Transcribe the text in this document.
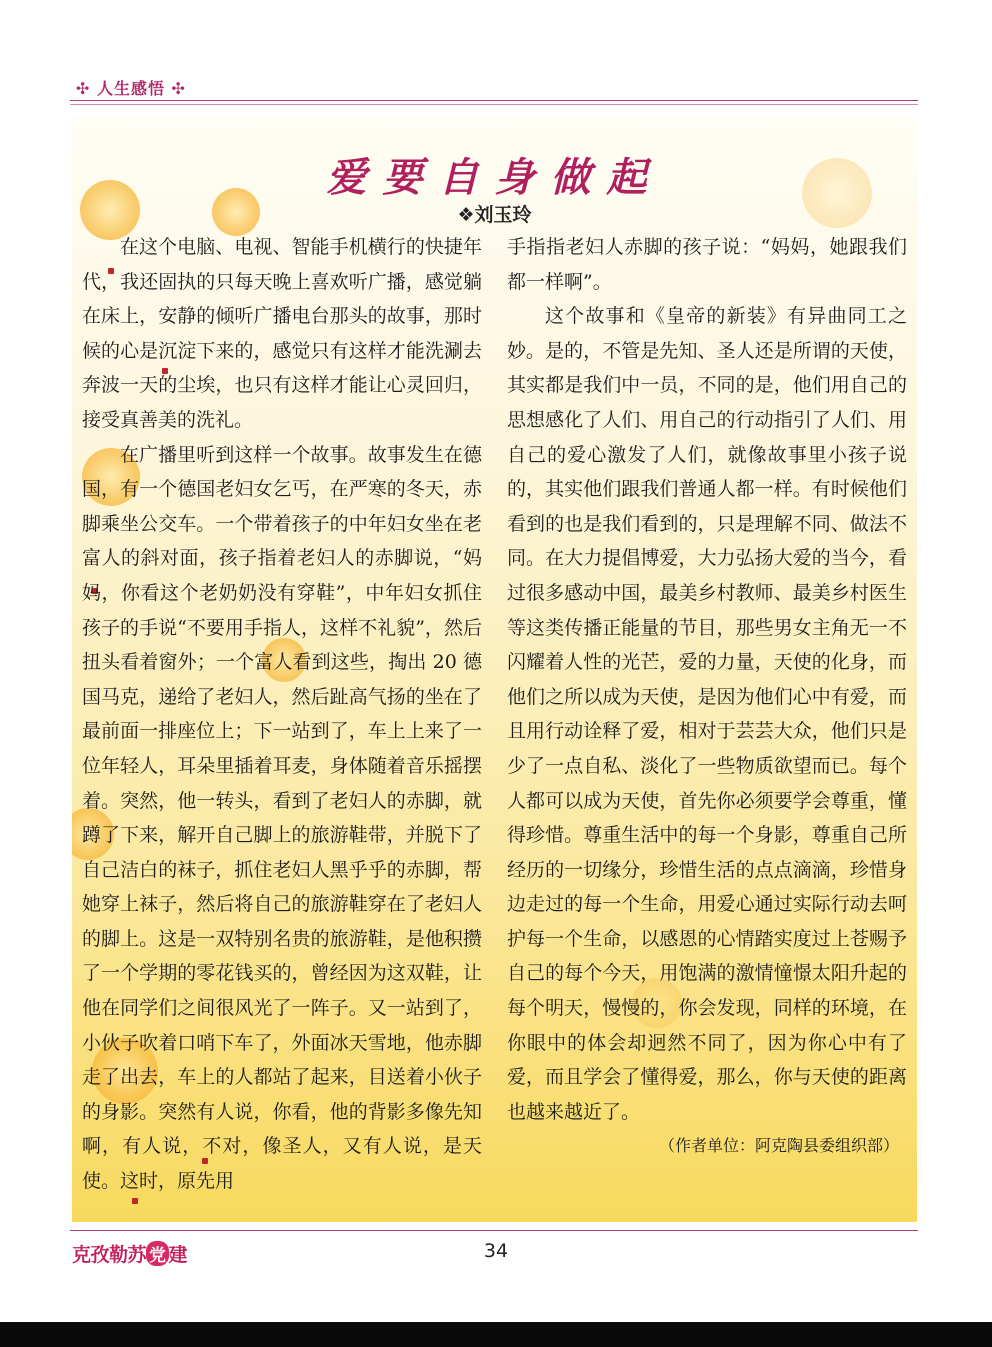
✣ 人生感悟 ✣
爱要自身做起
❖刘玉玲

在这个电脑、电视、智能手机横行的快捷年代，我还固执的只每天晚上喜欢听广播，感觉躺在床上，安静的倾听广播电台那头的故事，那时候的心是沉淀下来的，感觉只有这样才能洗涮去奔波一天的尘埃，也只有这样才能让心灵回归，接受真善美的洗礼。

在广播里听到这样一个故事。故事发生在德国，有一个德国老妇女乞丐，在严寒的冬天，赤脚乘坐公交车。一个带着孩子的中年妇女坐在老富人的斜对面，孩子指着老妇人的赤脚说，“妈妈，你看这个老奶奶没有穿鞋”，中年妇女抓住孩子的手说“不要用手指人，这样不礼貌”，然后扭头看着窗外；一个富人看到这些，掏出 20 德国马克，递给了老妇人，然后趾高气扬的坐在了最前面一排座位上；下一站到了，车上上来了一位年轻人，耳朵里插着耳麦，身体随着音乐摇摆着。突然，他一转头，看到了老妇人的赤脚，就蹲了下来，解开自己脚上的旅游鞋带，并脱下了自己洁白的袜子，抓住老妇人黑乎乎的赤脚，帮她穿上袜子，然后将自己的旅游鞋穿在了老妇人的脚上。这是一双特别名贵的旅游鞋，是他积攒了一个学期的零花钱买的，曾经因为这双鞋，让他在同学们之间很风光了一阵子。又一站到了，小伙子吹着口哨下车了，外面冰天雪地，他赤脚走了出去，车上的人都站了起来，目送着小伙子的身影。突然有人说，你看，他的背影多像先知啊，有人说，不对，像圣人，又有人说，是天使。这时，原先用

手指指老妇人赤脚的孩子说：“妈妈，她跟我们都一样啊”。

这个故事和《皇帝的新装》有异曲同工之妙。是的，不管是先知、圣人还是所谓的天使，其实都是我们中一员，不同的是，他们用自己的思想感化了人们、用自己的行动指引了人们、用自己的爱心激发了人们，就像故事里小孩子说的，其实他们跟我们普通人都一样。有时候他们看到的也是我们看到的，只是理解不同、做法不同。在大力提倡博爱，大力弘扬大爱的当今，看过很多感动中国，最美乡村教师、最美乡村医生等这类传播正能量的节目，那些男女主角无一不闪耀着人性的光芒，爱的力量，天使的化身，而他们之所以成为天使，是因为他们心中有爱，而且用行动诠释了爱，相对于芸芸大众，他们只是少了一点自私、淡化了一些物质欲望而已。每个人都可以成为天使，首先你必须要学会尊重，懂得珍惜。尊重生活中的每一个身影，尊重自己所经历的一切缘分，珍惜生活的点点滴滴，珍惜身边走过的每一个生命，用爱心通过实际行动去呵护每一个生命，以感恩的心情踏实度过上苍赐予自己的每个今天，用饱满的激情憧憬太阳升起的每个明天，慢慢的，你会发现，同样的环境，在你眼中的体会却迥然不同了，因为你心中有了爱，而且学会了懂得爱，那么，你与天使的距离也越来越近了。

（作者单位：阿克陶县委组织部）
克孜勒苏 党 建	34
